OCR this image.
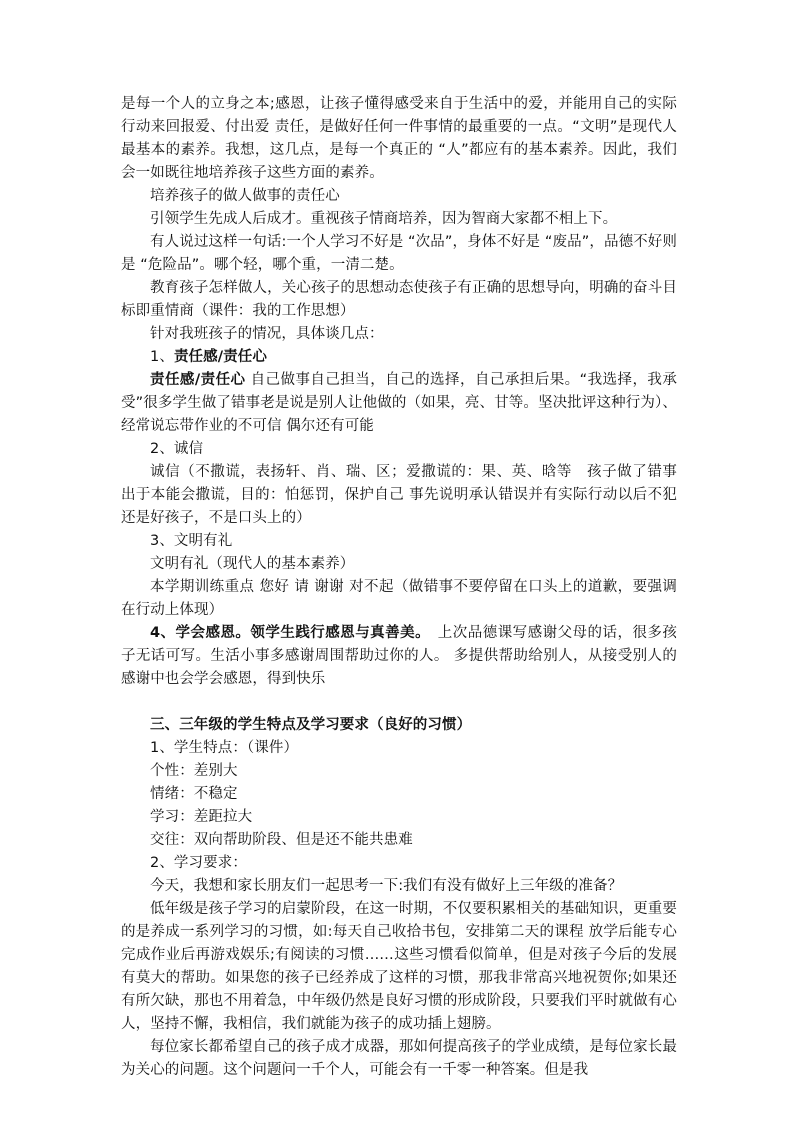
是每一个人的立身之本;感恩，让孩子懂得感受来自于生活中的爱，并能用自己的实际行动来回报爱、付出爱 责任，是做好任何一件事情的最重要的一点。“文明”是现代人最基本的素养。我想，这几点，是每一个真正的 “人”都应有的基本素养。因此，我们会一如既往地培养孩子这些方面的素养。

培养孩子的做人做事的责任心

引领学生先成人后成才。重视孩子情商培养，因为智商大家都不相上下。

有人说过这样一句话:一个人学习不好是 “次品”，身体不好是 “废品”，品德不好则是 “危险品”。哪个轻，哪个重，一清二楚。

教育孩子怎样做人，关心孩子的思想动态使孩子有正确的思想导向，明确的奋斗目标即重情商（课件：我的工作思想）

针对我班孩子的情况，具体谈几点：

1、责任感/责任心

责任感/责任心 自己做事自己担当，自己的选择，自己承担后果。“我选择，我承受”很多学生做了错事老是说是别人让他做的（如果，亮、甘等。坚决批评这种行为）、经常说忘带作业的不可信 偶尔还有可能

2、诚信

诚信（不撒谎，表扬轩、肖、瑞、区；爱撒谎的：果、英、晗等　孩子做了错事 出于本能会撒谎，目的：怕惩罚，保护自己 事先说明承认错误并有实际行动以后不犯还是好孩子，不是口头上的）

3、文明有礼

文明有礼（现代人的基本素养）

本学期训练重点 您好 请 谢谢 对不起（做错事不要停留在口头上的道歉，要强调在行动上体现）

4、学会感恩。领学生践行感恩与真善美。　上次品德课写感谢父母的话，很多孩子无话可写。生活小事多感谢周围帮助过你的人。 多提供帮助给别人，从接受别人的感谢中也会学会感恩，得到快乐

三、三年级的学生特点及学习要求（良好的习惯）

1、学生特点：（课件）

个性：差别大

情绪：不稳定

学习：差距拉大

交往：双向帮助阶段、但是还不能共患难

2、学习要求：

今天，我想和家长朋友们一起思考一下:我们有没有做好上三年级的准备？

低年级是孩子学习的启蒙阶段，在这一时期，不仅要积累相关的基础知识，更重要的是养成一系列学习的习惯，如:每天自己收拾书包，安排第二天的课程 放学后能专心完成作业后再游戏娱乐;有阅读的习惯……这些习惯看似简单，但是对孩子今后的发展有莫大的帮助。如果您的孩子已经养成了这样的习惯，那我非常高兴地祝贺你;如果还有所欠缺，那也不用着急，中年级仍然是良好习惯的形成阶段，只要我们平时就做有心人，坚持不懈，我相信，我们就能为孩子的成功插上翅膀。

每位家长都希望自己的孩子成才成器，那如何提高孩子的学业成绩，是每位家长最为关心的问题。这个问题问一千个人，可能会有一千零一种答案。但是我
